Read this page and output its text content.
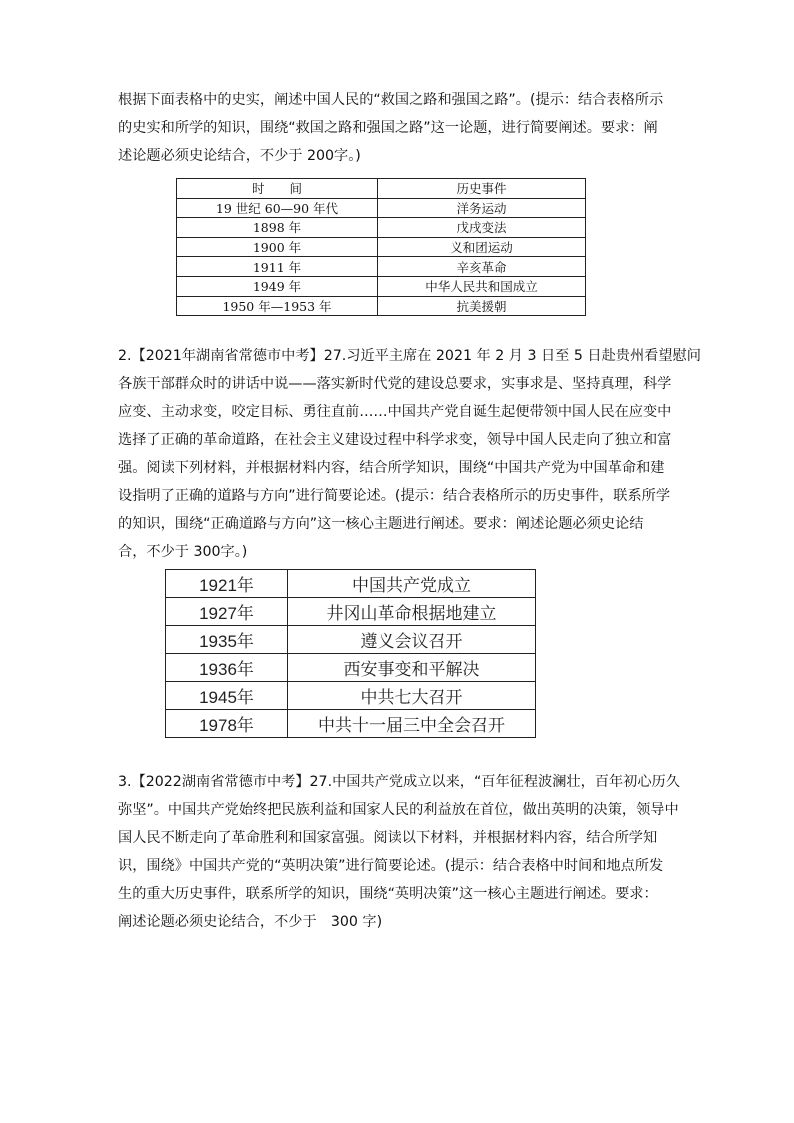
根据下面表格中的史实，阐述中国人民的“救国之路和强国之路”。(提示：结合表格所示
的史实和所学的知识，围绕“救国之路和强国之路”这一论题，进行简要阐述。要求：阐
述论题必须史论结合，不少于 200字。)
时　　间	历史事件
19 世纪 60—90 年代	洋务运动
1898 年	戊戌变法
1900 年	义和团运动
1911 年	辛亥革命
1949 年	中华人民共和国成立
1950 年—1953 年	抗美援朝
2.【2021年湖南省常德市中考】27.习近平主席在 2021 年 2 月 3 日至 5 日赴贵州看望慰问
各族干部群众时的讲话中说——落实新时代党的建设总要求，实事求是、坚持真理，科学
应变、主动求变，咬定目标、勇往直前……中国共产党自诞生起便带领中国人民在应变中
选择了正确的革命道路，在社会主义建设过程中科学求变，领导中国人民走向了独立和富
强。阅读下列材料，并根据材料内容，结合所学知识，围绕“中国共产党为中国革命和建
设指明了正确的道路与方向”进行简要论述。(提示：结合表格所示的历史事件，联系所学
的知识，围绕“正确道路与方向”这一核心主题进行阐述。要求：阐述论题必须史论结
合，不少于 300字。)
1921年	中国共产党成立
1927年	井冈山革命根据地建立
1935年	遵义会议召开
1936年	西安事变和平解决
1945年	中共七大召开
1978年	中共十一届三中全会召开
3.【2022湖南省常德市中考】27.中国共产党成立以来，“百年征程波澜壮，百年初心历久
弥坚”。中国共产党始终把民族利益和国家人民的利益放在首位，做出英明的决策，领导中
国人民不断走向了革命胜利和国家富强。阅读以下材料，并根据材料内容，结合所学知
识，围绕》中国共产党的“英明决策”进行简要论述。(提示：结合表格中时间和地点所发
生的重大历史事件，联系所学的知识，围绕“英明决策”这一核心主题进行阐述。要求：
阐述论题必须史论结合，不少于　300 字)
